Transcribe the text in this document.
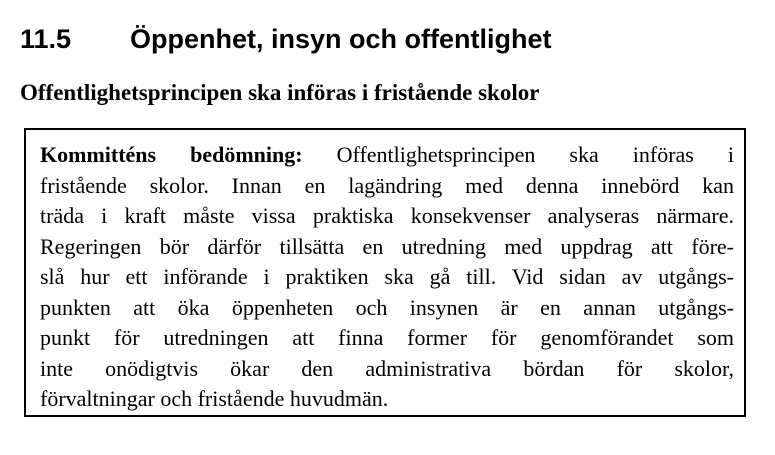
11.5 Öppenhet, insyn och offentlighet
Offentlighetsprincipen ska införas i fristående skolor
Kommitténs bedömning: Offentlighetsprincipen ska införas i
fristående skolor. Innan en lagändring med denna innebörd kan
träda i kraft måste vissa praktiska konsekvenser analyseras närmare.
Regeringen bör därför tillsätta en utredning med uppdrag att före-
slå hur ett införande i praktiken ska gå till. Vid sidan av utgångs-
punkten att öka öppenheten och insynen är en annan utgångs-
punkt för utredningen att finna former för genomförandet som
inte onödigtvis ökar den administrativa bördan för skolor,
förvaltningar och fristående huvudmän.
